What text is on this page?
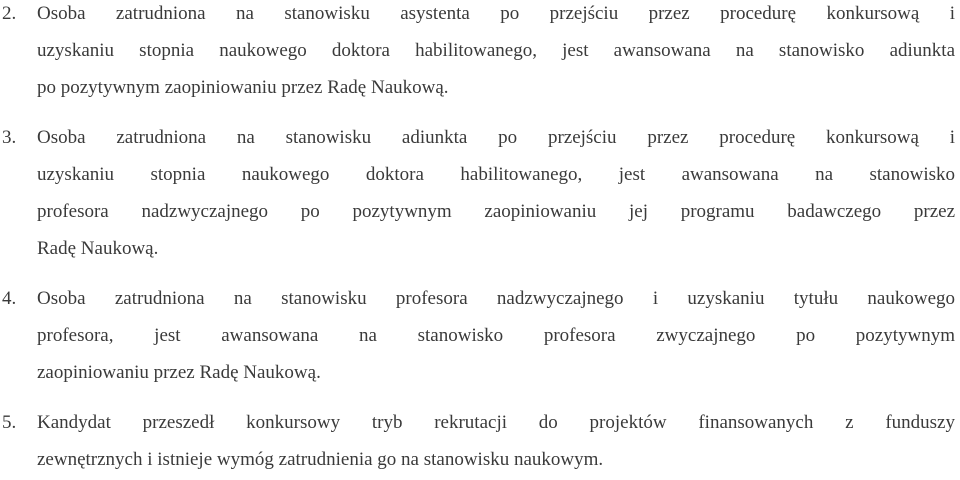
2. Osoba zatrudniona na stanowisku asystenta po przejściu przez procedurę konkursową i
uzyskaniu stopnia naukowego doktora habilitowanego, jest awansowana na stanowisko adiunkta
po pozytywnym zaopiniowaniu przez Radę Naukową.
3. Osoba zatrudniona na stanowisku adiunkta po przejściu przez procedurę konkursową i
uzyskaniu stopnia naukowego doktora habilitowanego, jest awansowana na stanowisko
profesora nadzwyczajnego po pozytywnym zaopiniowaniu jej programu badawczego przez
Radę Naukową.
4. Osoba zatrudniona na stanowisku profesora nadzwyczajnego i uzyskaniu tytułu naukowego
profesora, jest awansowana na stanowisko profesora zwyczajnego po pozytywnym
zaopiniowaniu przez Radę Naukową.
5. Kandydat przeszedł konkursowy tryb rekrutacji do projektów finansowanych z funduszy
zewnętrznych i istnieje wymóg zatrudnienia go na stanowisku naukowym.
